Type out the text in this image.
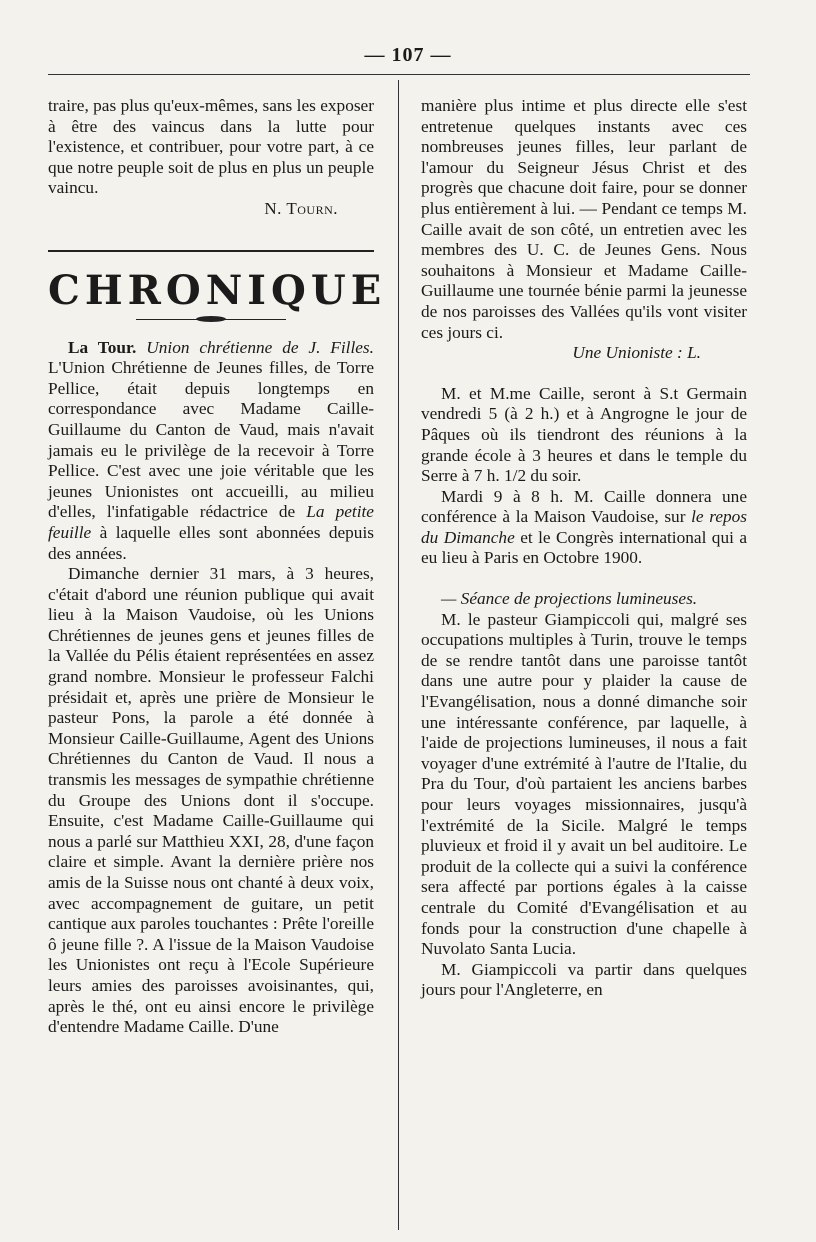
— 107 —

traire, pas plus qu'eux-mêmes, sans les exposer à être des vaincus dans la lutte pour l'existence, et contribuer, pour votre part, à ce que notre peuple soit de plus en plus un peuple vaincu.

N. Tourn.

CHRONIQUE

La Tour. Union chrétienne de J. Filles. L'Union Chrétienne de Jeunes filles, de Torre Pellice, était depuis longtemps en correspondance avec Madame Caille-Guillaume du Canton de Vaud, mais n'avait jamais eu le privilège de la recevoir à Torre Pellice. C'est avec une joie véritable que les jeunes Unionistes ont accueilli, au milieu d'elles, l'infatigable rédactrice de La petite feuille à laquelle elles sont abonnées depuis des années.

Dimanche dernier 31 mars, à 3 heures, c'était d'abord une réunion publique qui avait lieu à la Maison Vaudoise, où les Unions Chrétiennes de jeunes gens et jeunes filles de la Vallée du Pélis étaient représentées en assez grand nombre. Monsieur le professeur Falchi présidait et, après une prière de Monsieur le pasteur Pons, la parole a été donnée à Monsieur Caille-Guillaume, Agent des Unions Chrétiennes du Canton de Vaud. Il nous a transmis les messages de sympathie chrétienne du Groupe des Unions dont il s'occupe. Ensuite, c'est Madame Caille-Guillaume qui nous a parlé sur Matthieu XXI, 28, d'une façon claire et simple. Avant la dernière prière nos amis de la Suisse nous ont chanté à deux voix, avec accompagnement de guitare, un petit cantique aux paroles touchantes : Prête l'oreille ô jeune fille ?. A l'issue de la Maison Vaudoise les Unionistes ont reçu à l'Ecole Supérieure leurs amies des paroisses avoisinantes, qui, après le thé, ont eu ainsi encore le privilège d'entendre Madame Caille. D'une

manière plus intime et plus directe elle s'est entretenue quelques instants avec ces nombreuses jeunes filles, leur parlant de l'amour du Seigneur Jésus Christ et des progrès que chacune doit faire, pour se donner plus entièrement à lui. — Pendant ce temps M. Caille avait de son côté, un entretien avec les membres des U. C. de Jeunes Gens. Nous souhaitons à Monsieur et Madame Caille-Guillaume une tournée bénie parmi la jeunesse de nos paroisses des Vallées qu'ils vont visiter ces jours ci.

Une Unioniste : L.

M. et M.me Caille, seront à S.t Germain vendredi 5 (à 2 h.) et à Angrogne le jour de Pâques où ils tiendront des réunions à la grande école à 3 heures et dans le temple du Serre à 7 h. 1/2 du soir.

Mardi 9 à 8 h. M. Caille donnera une conférence à la Maison Vaudoise, sur le repos du Dimanche et le Congrès international qui a eu lieu à Paris en Octobre 1900.

— Séance de projections lumineuses.

M. le pasteur Giampiccoli qui, malgré ses occupations multiples à Turin, trouve le temps de se rendre tantôt dans une paroisse tantôt dans une autre pour y plaider la cause de l'Evangélisation, nous a donné dimanche soir une intéressante conférence, par laquelle, à l'aide de projections lumineuses, il nous a fait voyager d'une extrémité à l'autre de l'Italie, du Pra du Tour, d'où partaient les anciens barbes pour leurs voyages missionnaires, jusqu'à l'extrémité de la Sicile. Malgré le temps pluvieux et froid il y avait un bel auditoire. Le produit de la collecte qui a suivi la conférence sera affecté par portions égales à la caisse centrale du Comité d'Evangélisation et au fonds pour la construction d'une chapelle à Nuvolato Santa Lucia.

M. Giampiccoli va partir dans quelques jours pour l'Angleterre, en
